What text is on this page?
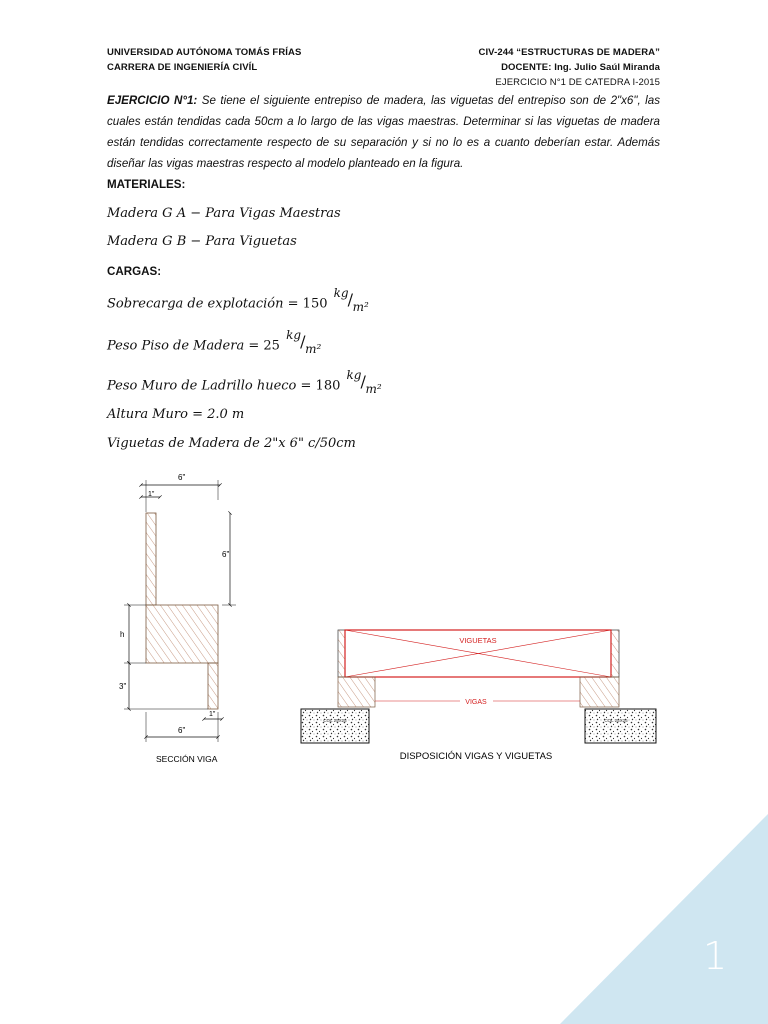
UNIVERSIDAD AUTÓNOMA TOMÁS FRÍAS
CARRERA DE INGENIERÍA CIVÍL
CIV-244 “ESTRUCTURAS DE MADERA”
DOCENTE: Ing. Julio Saúl Miranda
EJERCICIO N°1 DE CATEDRA I-2015
EJERCICIO N°1: Se tiene el siguiente entrepiso de madera, las viguetas del entrepiso son de 2"x6", las cuales están tendidas cada 50cm a lo largo de las vigas maestras. Determinar si las viguetas de madera están tendidas correctamente respecto de su separación y si no lo es a cuanto deberían estar. Además diseñar las vigas maestras respecto al modelo planteado en la figura.
MATERIALES:
Madera G A − Para Vigas Maestras
Madera G B − Para Viguetas
CARGAS:
Sobrecarga de explotación = 150
kg / m²
Peso Piso de Madera = 25
kg / m²
Peso Muro de Ladrillo hueco = 180
kg / m²
Altura Muro = 2.0 m
Viguetas de Madera de 2"x 6" c/50cm
6"
1"
6"
h
3"
1"
6"
SECCIÓN VIGA
VIGUETAS
VIGAS
COL 25X25	COL 25X25
DISPOSICIÓN VIGAS Y VIGUETAS
1
